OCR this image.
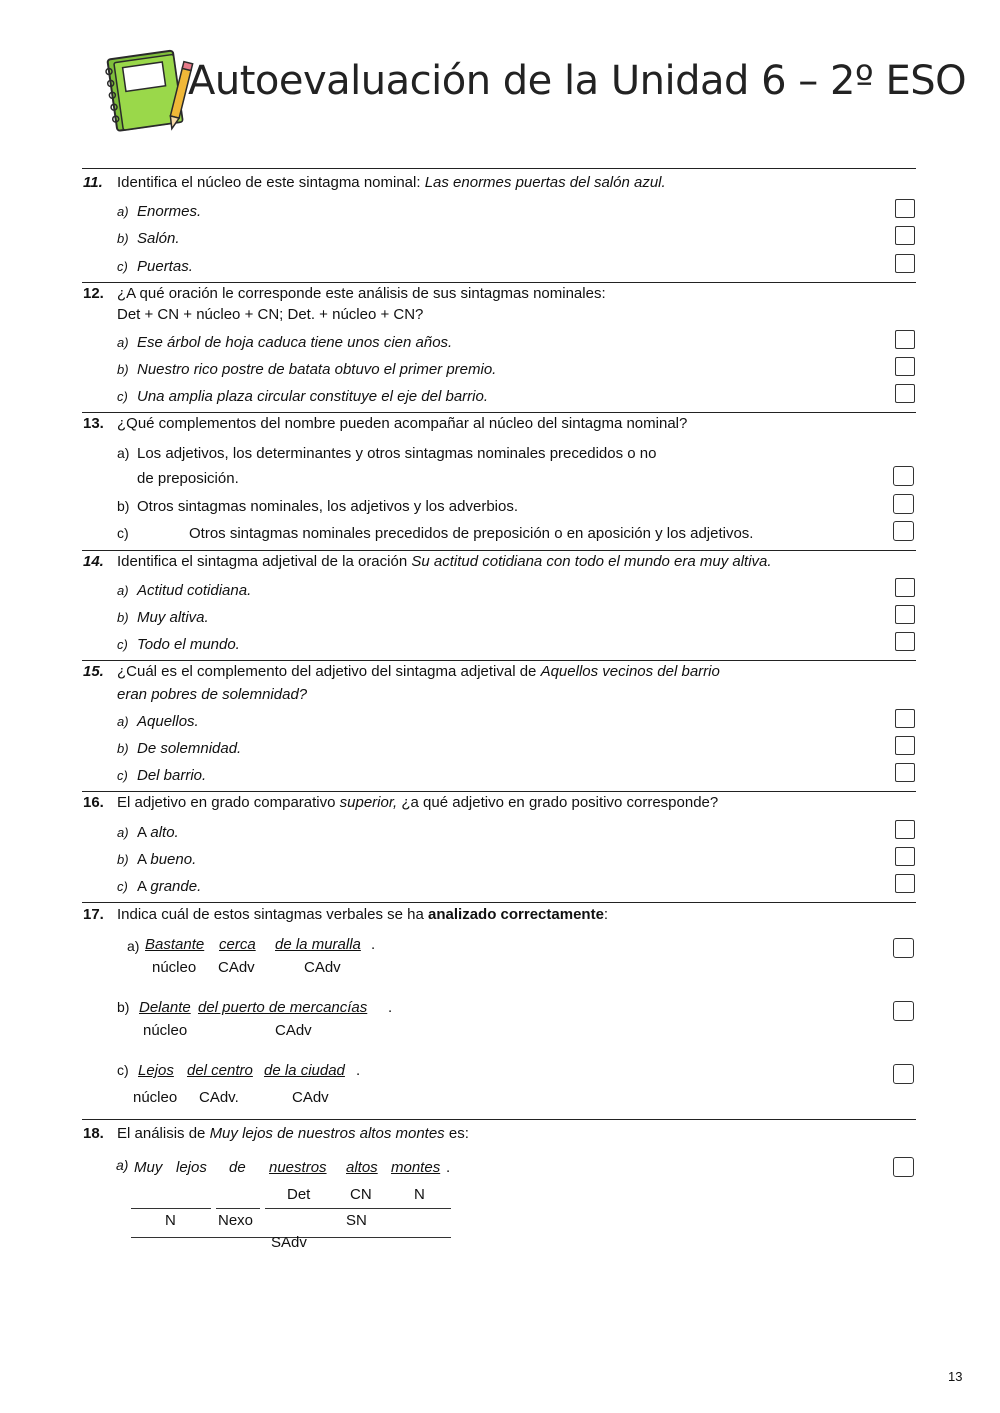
Autoevaluación de la Unidad 6 – 2º ESO
11. Identifica el núcleo de este sintagma nominal: Las enormes puertas del salón azul.
a) Enormes.
b) Salón.
c) Puertas.
12. ¿A qué oración le corresponde este análisis de sus sintagmas nominales:
Det + CN + núcleo + CN; Det. + núcleo + CN?
a) Ese árbol de hoja caduca tiene unos cien años.
b) Nuestro rico postre de batata obtuvo el primer premio.
c) Una amplia plaza circular constituye el eje del barrio.
13. ¿Qué complementos del nombre pueden acompañar al núcleo del sintagma nominal?
a) Los adjetivos, los determinantes y otros sintagmas nominales precedidos o no
de preposición.
b) Otros sintagmas nominales, los adjetivos y los adverbios.
c)	Otros sintagmas nominales precedidos de preposición o en aposición y los adjetivos.
14. Identifica el sintagma adjetival de la oración Su actitud cotidiana con todo el mundo era muy altiva.
a) Actitud cotidiana.
b) Muy altiva.
c) Todo el mundo.
15. ¿Cuál es el complemento del adjetivo del sintagma adjetival de Aquellos vecinos del barrio
eran pobres de solemnidad?
a) Aquellos.
b) De solemnidad.
c) Del barrio.
16. El adjetivo en grado comparativo superior, ¿a qué adjetivo en grado positivo corresponde?
a) A alto.
b) A bueno.
c) A grande.
17. Indica cuál de estos sintagmas verbales se ha analizado correctamente:
a) Bastante cerca de la muralla .
núcleo CAdv	CAdv
b) Delante del puerto de mercancías .
núcleo	CAdv
c) Lejos del centro de la ciudad .
núcleo CAdv.	CAdv
18. El análisis de Muy lejos de nuestros altos montes es:
a) Muy lejos de nuestros altos montes .
Det	CN	N
N	Nexo	SN
SAdv
13
